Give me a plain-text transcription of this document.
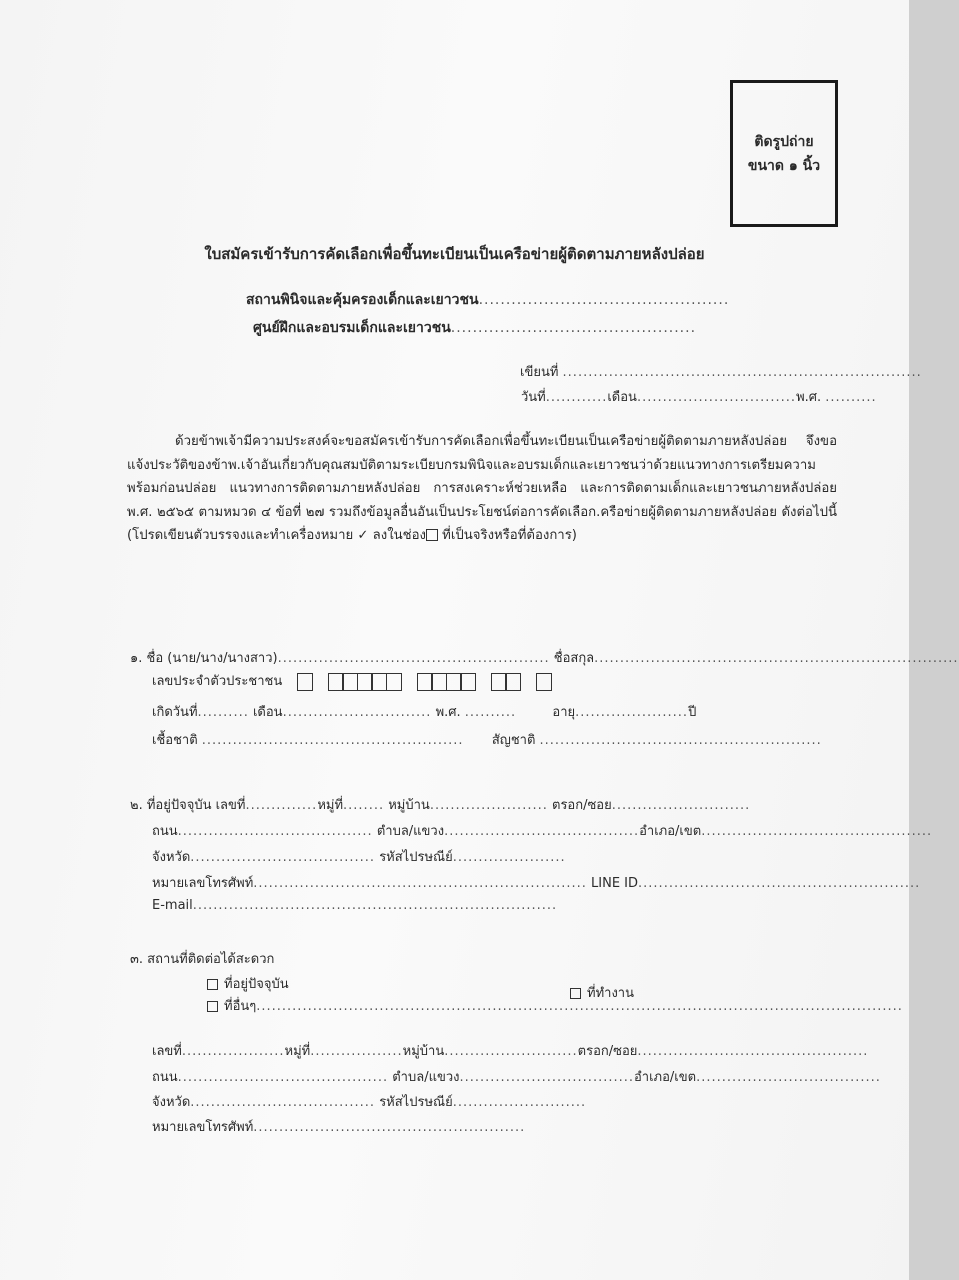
ติดรูปถ่าย
ขนาด ๑ นิ้ว
ใบสมัครเข้ารับการคัดเลือกเพื่อขึ้นทะเบียนเป็นเครือข่ายผู้ติดตามภายหลังปล่อย
สถานพินิจและคุ้มครองเด็กและเยาวชน..............................................
ศูนย์ฝึกและอบรมเด็กและเยาวชน.............................................
เขียนที่ ......................................................................
วันที่............เดือน...............................พ.ศ. ..........
ด้วยข้าพเจ้ามีความประสงค์จะขอสมัครเข้ารับการคัดเลือกเพื่อขึ้นทะเบียนเป็นเครือข่ายผู้ติดตามภายหลังปล่อย จึงขอแจ้งประวัติของข้าพ.เจ้าอันเกี่ยวกับคุณสมบัติตามระเบียบกรมพินิจและอบรมเด็กและเยาวชนว่าด้วยแนวทางการเตรียมความพร้อมก่อนปล่อย แนวทางการติดตามภายหลังปล่อย การสงเคราะห์ช่วยเหลือ และการติดตามเด็กและเยาวชนภายหลังปล่อย พ.ศ. ๒๕๖๕ ตามหมวด ๔ ข้อที่ ๒๗ รวมถึงข้อมูลอื่นอันเป็นประโยชน์ต่อการคัดเลือก.ครือข่ายผู้ติดตามภายหลังปล่อย ดังต่อไปนี้ (โปรดเขียนตัวบรรจงและทำเครื่องหมาย ✓ ลงในช่อง ที่เป็นจริงหรือที่ต้องการ)
๑. ชื่อ (นาย/นาง/นางสาว)..................................................... ชื่อสกุล.......................................................................
เลขประจำตัวประชาชน
เกิดวันที่.......... เดือน............................. พ.ศ. ..........	อายุ......................ปี
เชื้อชาติ ................................................... สัญชาติ .......................................................
๒. ที่อยู่ปัจจุบัน เลขที่..............หมู่ที่........ หมู่บ้าน....................... ตรอก/ซอย...........................
ถนน...................................... ตำบล/แขวง......................................อำเภอ/เขต.............................................
จังหวัด.................................... รหัสไปรษณีย์......................
หมายเลขโทรศัพท์................................................................. LINE ID.......................................................
E-mail.......................................................................
๓. สถานที่ติดต่อได้สะดวก
ที่อยู่ปัจจุบัน
ที่ทำงาน
ที่อื่นๆ..............................................................................................................................
เลขที่....................หมู่ที่..................หมู่บ้าน..........................ตรอก/ซอย.............................................
ถนน......................................... ตำบล/แขวง..................................อำเภอ/เขต....................................
จังหวัด.................................... รหัสไปรษณีย์..........................
หมายเลขโทรศัพท์.....................................................
